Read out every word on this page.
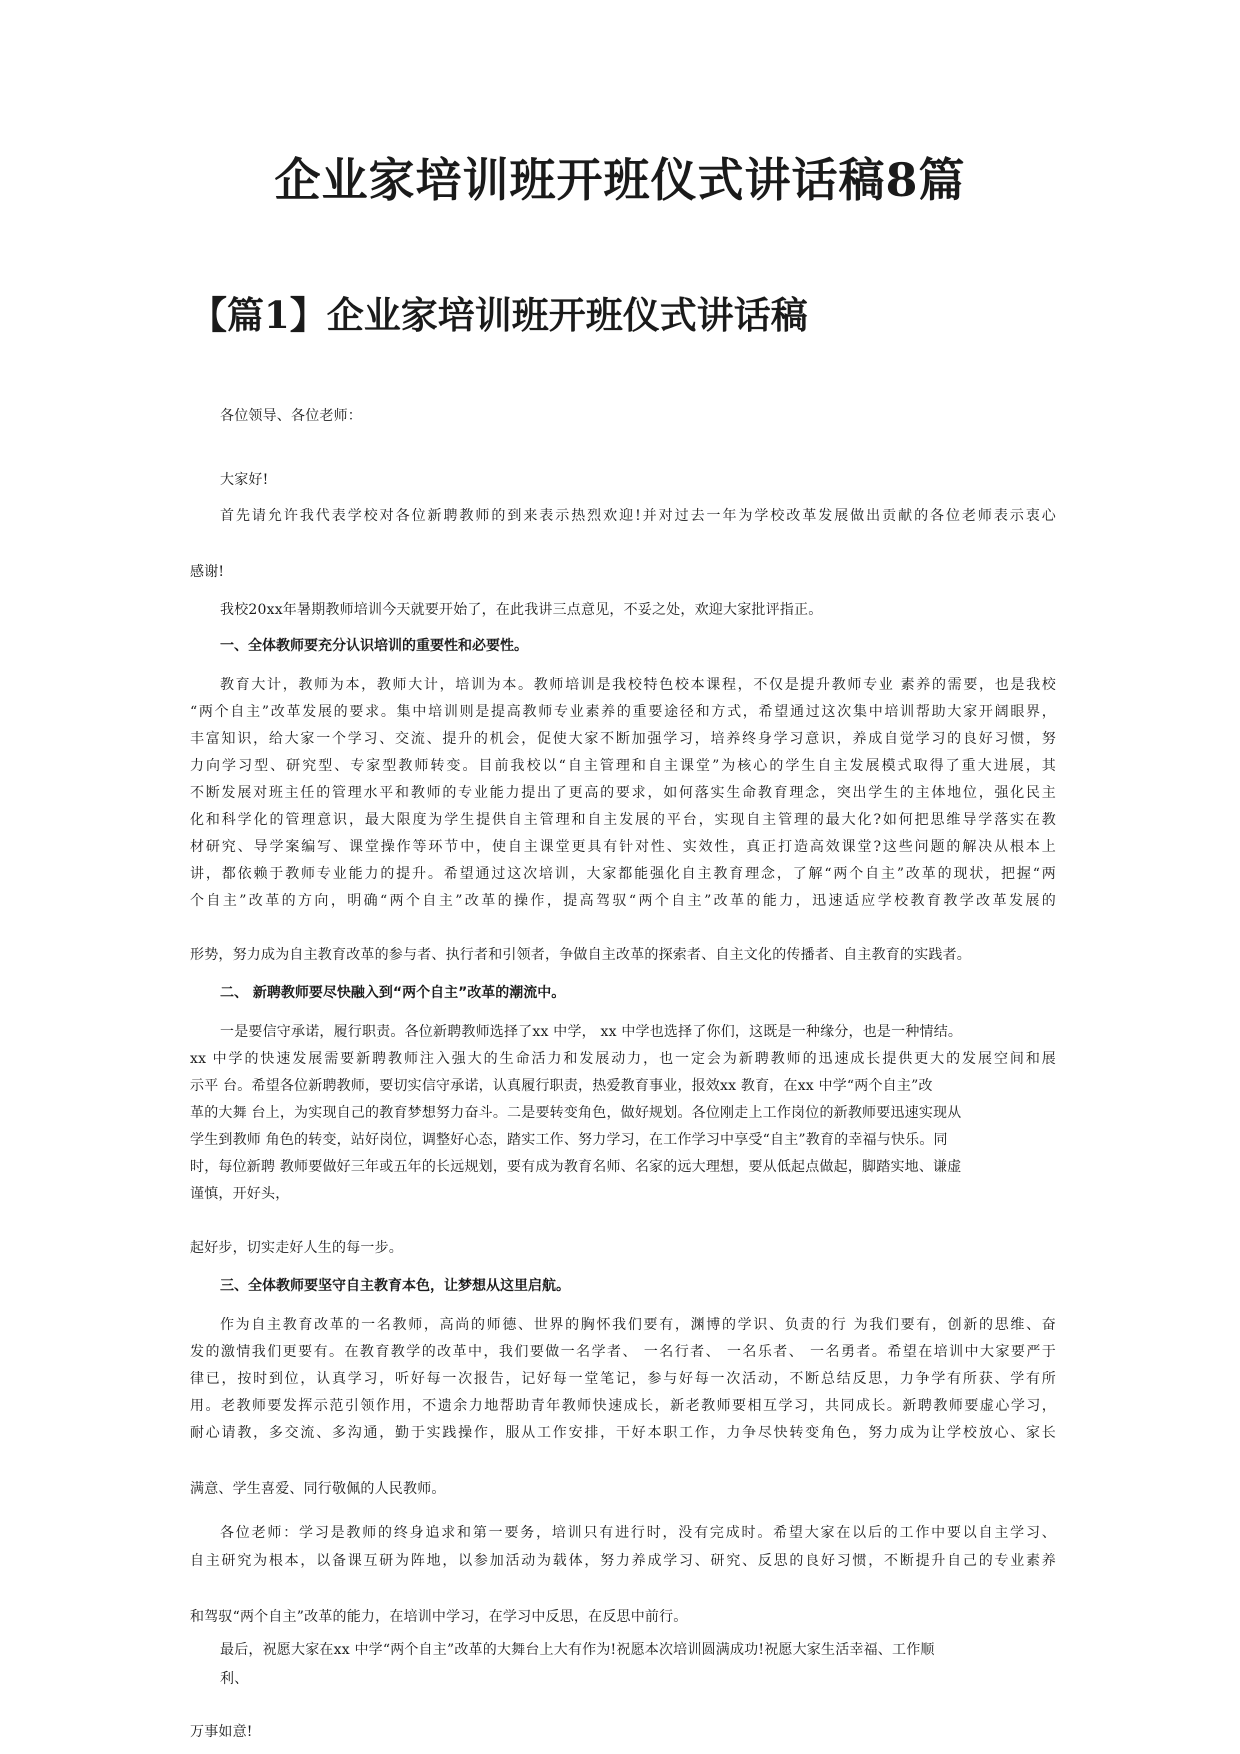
企业家培训班开班仪式讲话稿8篇
【篇1】企业家培训班开班仪式讲话稿
各位领导、各位老师：
大家好!
首先请允许我代表学校对各位新聘教师的到来表示热烈欢迎!并对过去一年为学校改革发展做出贡献的各位老师表示衷心
感谢!
我校20xx年暑期教师培训今天就要开始了，在此我讲三点意见，不妥之处，欢迎大家批评指正。
一、全体教师要充分认识培训的重要性和必要性。
教育大计，教师为本，教师大计，培训为本。教师培训是我校特色校本课程，不仅是提升教师专业 素养的需要，也是我校
“两个自主”改革发展的要求。集中培训则是提高教师专业素养的重要途径和方式，希望通过这次集中培训帮助大家开阔眼界，
丰富知识，给大家一个学习、交流、提升的机会，促使大家不断加强学习，培养终身学习意识，养成自觉学习的良好习惯，努
力向学习型、研究型、专家型教师转变。目前我校以“自主管理和自主课堂”为核心的学生自主发展模式取得了重大进展，其
不断发展对班主任的管理水平和教师的专业能力提出了更高的要求，如何落实生命教育理念，突出学生的主体地位，强化民主
化和科学化的管理意识，最大限度为学生提供自主管理和自主发展的平台，实现自主管理的最大化?如何把思维导学落实在教
材研究、导学案编写、课堂操作等环节中，使自主课堂更具有针对性、实效性，真正打造高效课堂?这些问题的解决从根本上
讲，都依赖于教师专业能力的提升。希望通过这次培训，大家都能强化自主教育理念，了解“两个自主”改革的现状，把握“两
个自主”改革的方向，明确“两个自主”改革的操作，提高驾驭“两个自主”改革的能力，迅速适应学校教育教学改革发展的
形势，努力成为自主教育改革的参与者、执行者和引领者，争做自主改革的探索者、自主文化的传播者、自主教育的实践者。
二、 新聘教师要尽快融入到“两个自主”改革的潮流中。
一是要信守承诺，履行职责。各位新聘教师选择了xx 中学， xx 中学也选择了你们，这既是一种缘分，也是一种情结。
xx 中学的快速发展需要新聘教师注入强大的生命活力和发展动力，也一定会为新聘教师的迅速成长提供更大的发展空间和展
示平 台。希望各位新聘教师，要切实信守承诺，认真履行职责，热爱教育事业，报效xx 教育，在xx 中学“两个自主”改
革的大舞 台上，为实现自己的教育梦想努力奋斗。二是要转变角色，做好规划。各位刚走上工作岗位的新教师要迅速实现从
学生到教师 角色的转变，站好岗位，调整好心态，踏实工作、努力学习，在工作学习中享受“自主”教育的幸福与快乐。同
时，每位新聘 教师要做好三年或五年的长远规划，要有成为教育名师、名家的远大理想，要从低起点做起，脚踏实地、谦虚
谨慎，开好头，
起好步，切实走好人生的每一步。
三、全体教师要坚守自主教育本色，让梦想从这里启航。
作为自主教育改革的一名教师，高尚的师德、世界的胸怀我们要有，渊博的学识、负责的行 为我们要有，创新的思维、奋
发的激情我们更要有。在教育教学的改革中，我们要做一名学者、 一名行者、 一名乐者、 一名勇者。希望在培训中大家要严于
律已，按时到位，认真学习，听好每一次报告，记好每一堂笔记，参与好每一次活动，不断总结反思，力争学有所获、学有所
用。老教师要发挥示范引领作用，不遗余力地帮助青年教师快速成长，新老教师要相互学习，共同成长。新聘教师要虚心学习，
耐心请教，多交流、多沟通，勤于实践操作，服从工作安排，干好本职工作，力争尽快转变角色，努力成为让学校放心、家长
满意、学生喜爱、同行敬佩的人民教师。
各位老师：学习是教师的终身追求和第一要务，培训只有进行时，没有完成时。希望大家在以后的工作中要以自主学习、
自主研究为根本，以备课互研为阵地，以参加活动为载体，努力养成学习、研究、反思的良好习惯，不断提升自己的专业素养
和驾驭“两个自主”改革的能力，在培训中学习，在学习中反思，在反思中前行。
最后，祝愿大家在xx 中学“两个自主”改革的大舞台上大有作为!祝愿本次培训圆满成功!祝愿大家生活幸福、工作顺
利、
万事如意!
